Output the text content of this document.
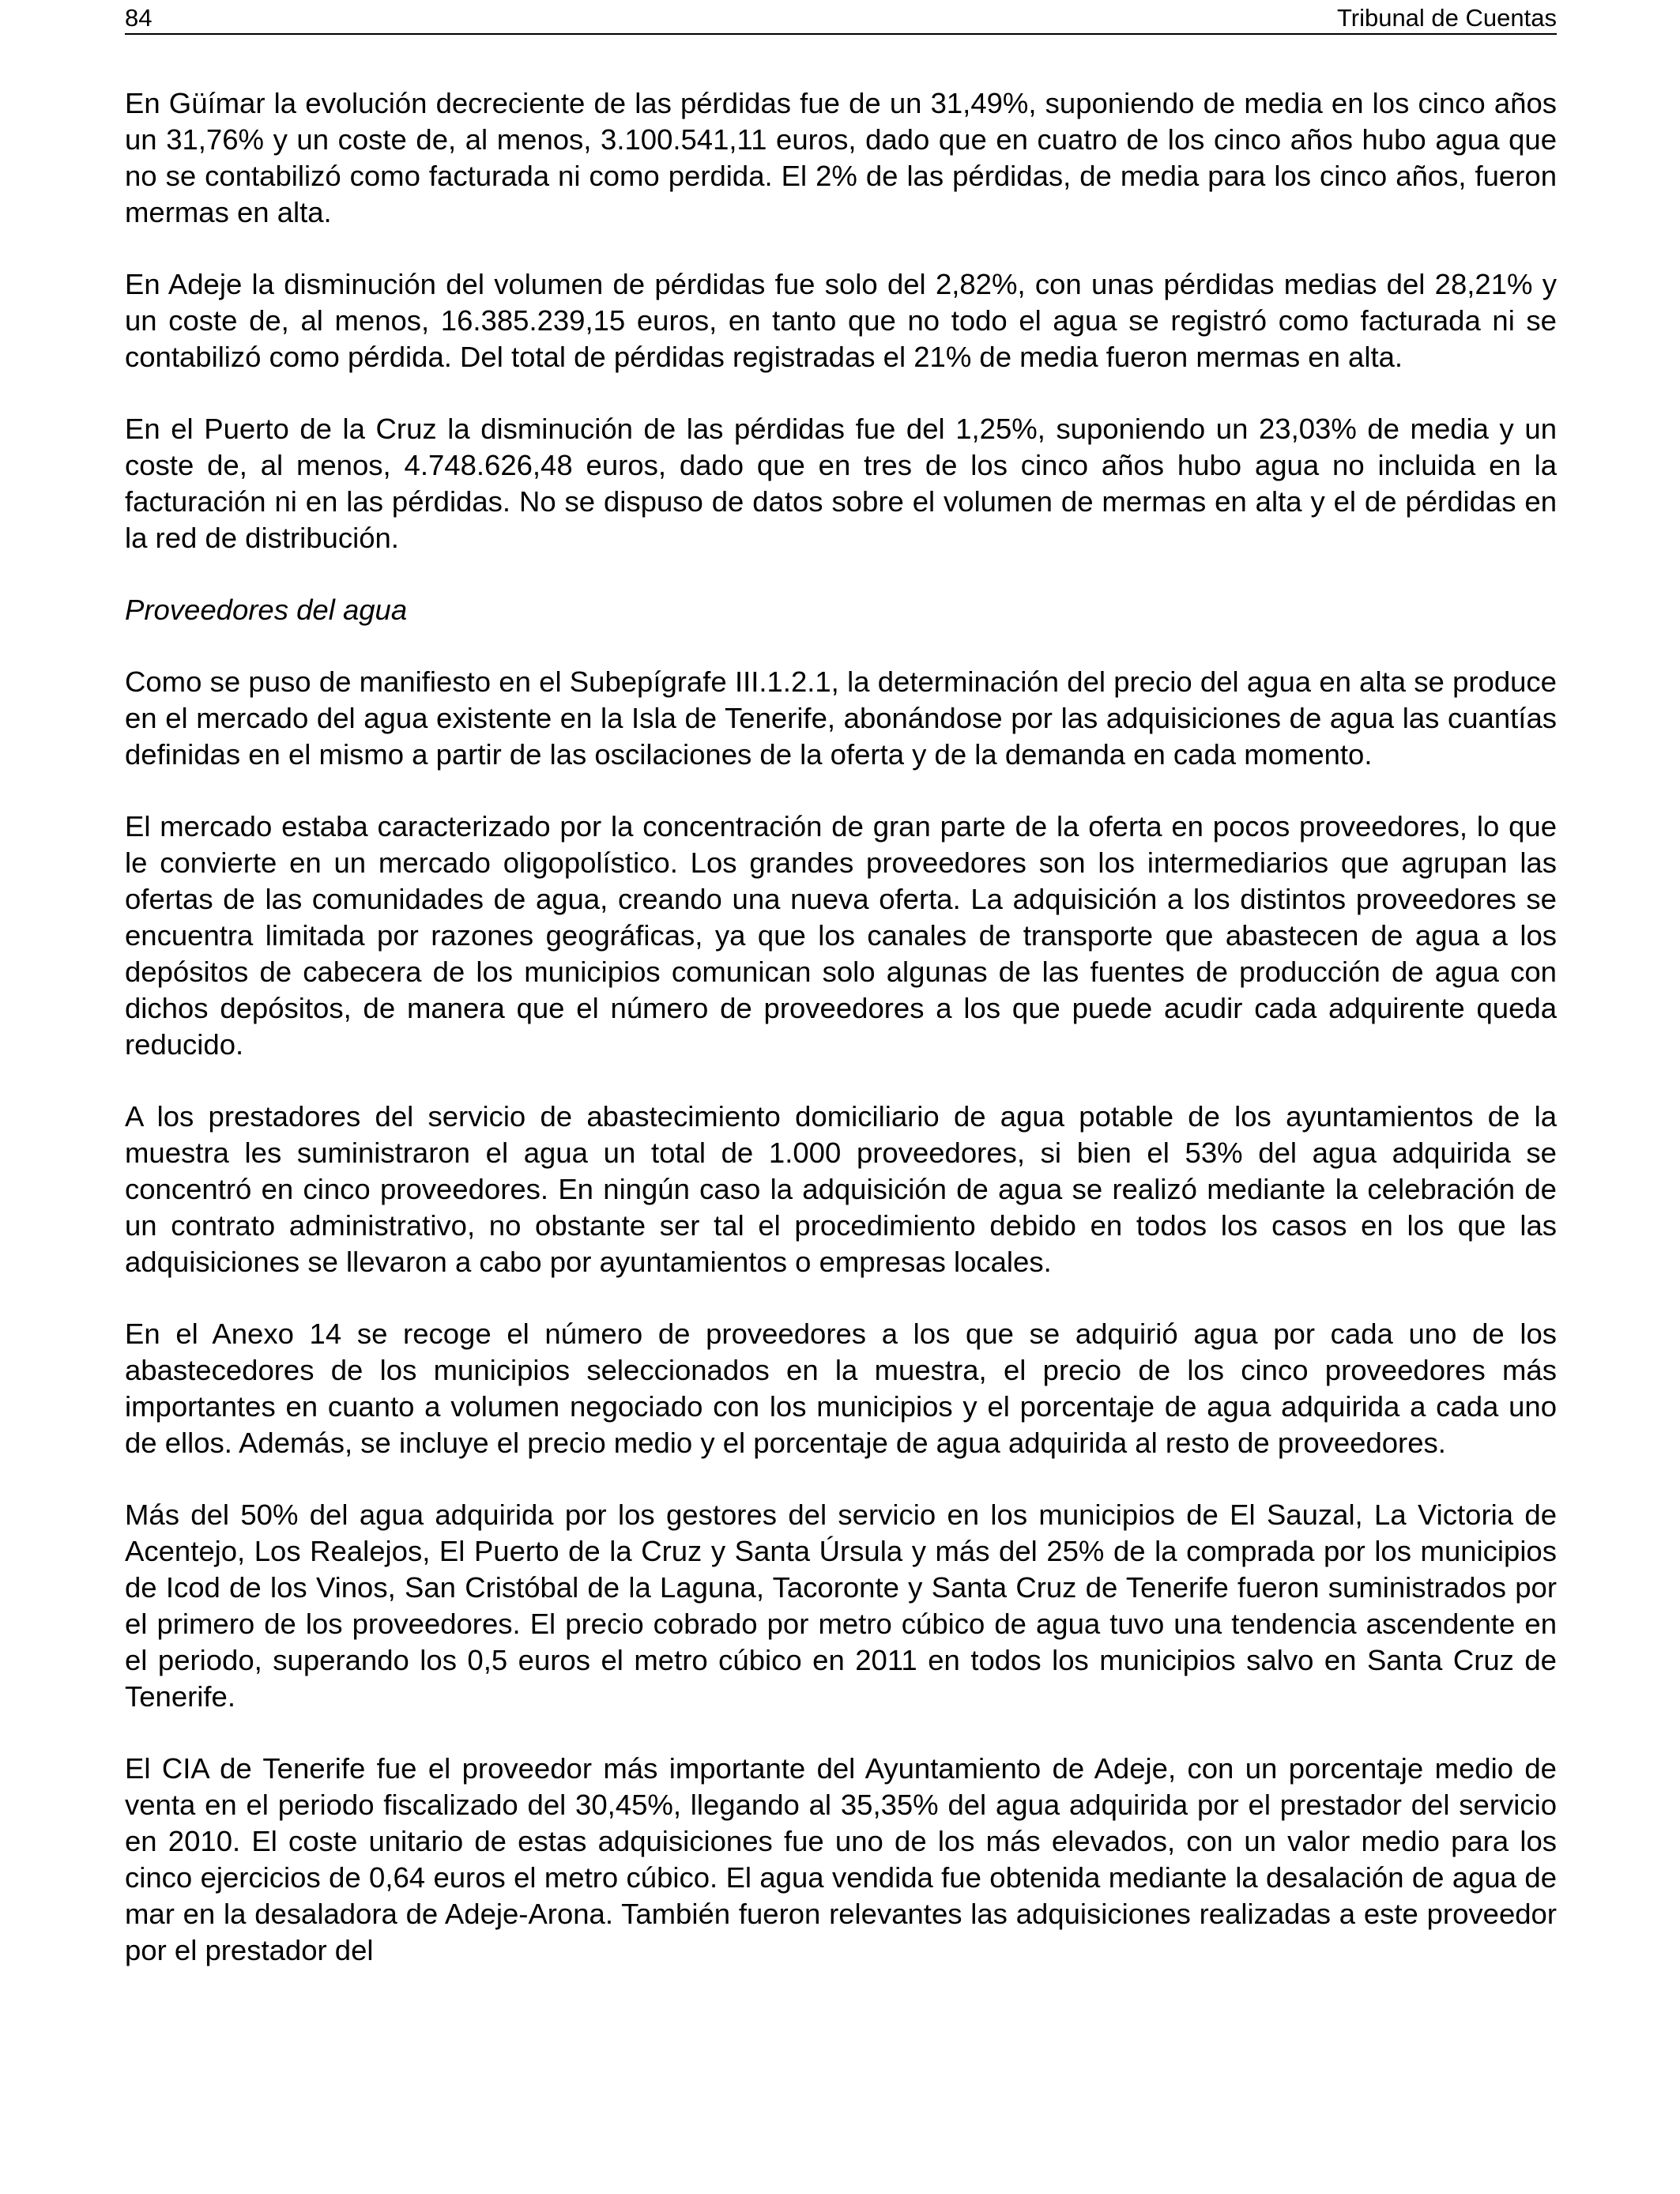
84	Tribunal de Cuentas

En Güímar la evolución decreciente de las pérdidas fue de un 31,49%, suponiendo de media en los cinco años un 31,76% y un coste de, al menos, 3.100.541,11 euros, dado que en cuatro de los cinco años hubo agua que no se contabilizó como facturada ni como perdida. El 2% de las pérdidas, de media para los cinco años, fueron mermas en alta.

En Adeje la disminución del volumen de pérdidas fue solo del 2,82%, con unas pérdidas medias del 28,21% y un coste de, al menos, 16.385.239,15 euros, en tanto que no todo el agua se registró como facturada ni se contabilizó como pérdida. Del total de pérdidas registradas el 21% de media fueron mermas en alta.

En el Puerto de la Cruz la disminución de las pérdidas fue del 1,25%, suponiendo un 23,03% de media y un coste de, al menos, 4.748.626,48 euros, dado que en tres de los cinco años hubo agua no incluida en la facturación ni en las pérdidas. No se dispuso de datos sobre el volumen de mermas en alta y el de pérdidas en la red de distribución.

Proveedores del agua

Como se puso de manifiesto en el Subepígrafe III.1.2.1, la determinación del precio del agua en alta se produce en el mercado del agua existente en la Isla de Tenerife, abonándose por las adquisiciones de agua las cuantías definidas en el mismo a partir de las oscilaciones de la oferta y de la demanda en cada momento.

El mercado estaba caracterizado por la concentración de gran parte de la oferta en pocos proveedores, lo que le convierte en un mercado oligopolístico. Los grandes proveedores son los intermediarios que agrupan las ofertas de las comunidades de agua, creando una nueva oferta. La adquisición a los distintos proveedores se encuentra limitada por razones geográficas, ya que los canales de transporte que abastecen de agua a los depósitos de cabecera de los municipios comunican solo algunas de las fuentes de producción de agua con dichos depósitos, de manera que el número de proveedores a los que puede acudir cada adquirente queda reducido.

A los prestadores del servicio de abastecimiento domiciliario de agua potable de los ayuntamientos de la muestra les suministraron el agua un total de 1.000 proveedores, si bien el 53% del agua adquirida se concentró en cinco proveedores. En ningún caso la adquisición de agua se realizó mediante la celebración de un contrato administrativo, no obstante ser tal el procedimiento debido en todos los casos en los que las adquisiciones se llevaron a cabo por ayuntamientos o empresas locales.

En el Anexo 14 se recoge el número de proveedores a los que se adquirió agua por cada uno de los abastecedores de los municipios seleccionados en la muestra, el precio de los cinco proveedores más importantes en cuanto a volumen negociado con los municipios y el porcentaje de agua adquirida a cada uno de ellos. Además, se incluye el precio medio y el porcentaje de agua adquirida al resto de proveedores.

Más del 50% del agua adquirida por los gestores del servicio en los municipios de El Sauzal, La Victoria de Acentejo, Los Realejos, El Puerto de la Cruz y Santa Úrsula y más del 25% de la comprada por los municipios de Icod de los Vinos, San Cristóbal de la Laguna, Tacoronte y Santa Cruz de Tenerife fueron suministrados por el primero de los proveedores. El precio cobrado por metro cúbico de agua tuvo una tendencia ascendente en el periodo, superando los 0,5 euros el metro cúbico en 2011 en todos los municipios salvo en Santa Cruz de Tenerife.

El CIA de Tenerife fue el proveedor más importante del Ayuntamiento de Adeje, con un porcentaje medio de venta en el periodo fiscalizado del 30,45%, llegando al 35,35% del agua adquirida por el prestador del servicio en 2010. El coste unitario de estas adquisiciones fue uno de los más elevados, con un valor medio para los cinco ejercicios de 0,64 euros el metro cúbico. El agua vendida fue obtenida mediante la desalación de agua de mar en la desaladora de Adeje-Arona. También fueron relevantes las adquisiciones realizadas a este proveedor por el prestador del
